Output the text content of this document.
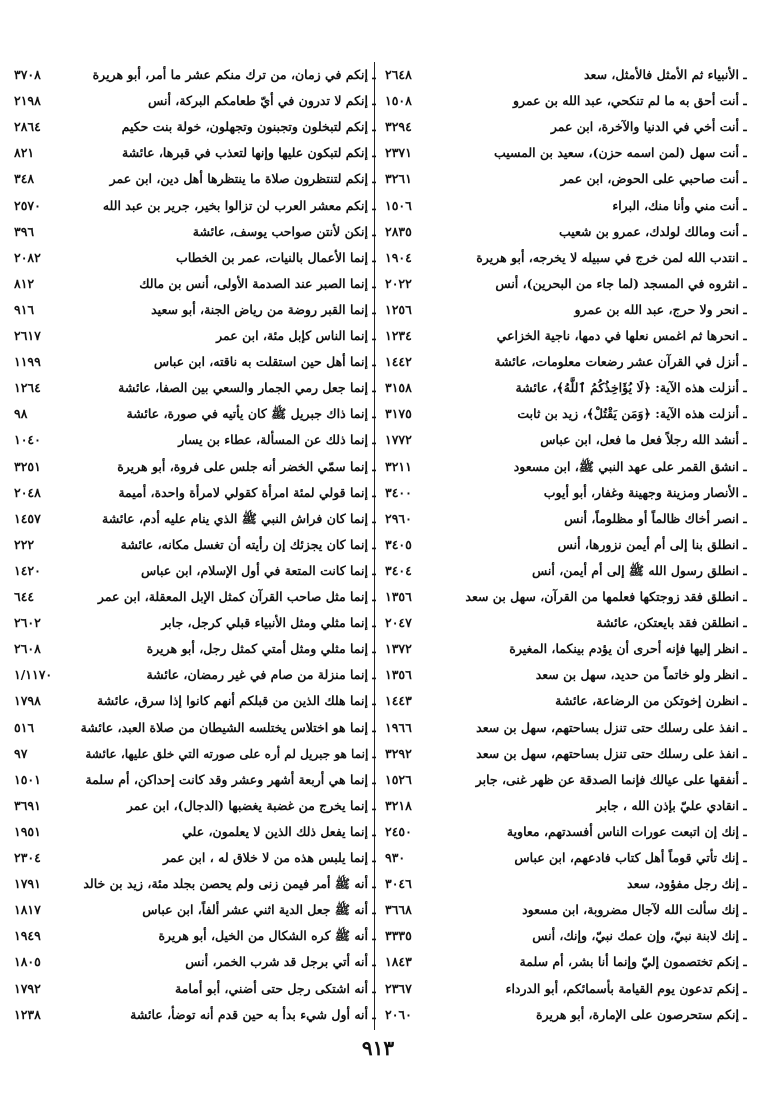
ـ الأنبياء ثم الأمثل فالأمثل، سعد
٢٦٤٨
ـ أنت أحق به ما لم تنكحي، عبد الله بن عمرو
١٥٠٨
ـ أنت أخي في الدنيا والآخرة، ابن عمر
٣٢٩٤
ـ أنت سهل (لمن اسمه حزن)، سعيد بن المسيب
٢٣٧١
ـ أنت صاحبي على الحوض، ابن عمر
٣٢٦١
ـ أنت مني وأنا منك، البراء
١٥٠٦
ـ أنت ومالك لولدك، عمرو بن شعيب
٢٨٣٥
ـ انتدب الله لمن خرج في سبيله لا يخرجه، أبو هريرة
١٩٠٤
ـ انثروه في المسجد (لما جاء من البحرين)، أنس
٢٠٢٢
ـ انحر ولا حرج، عبد الله بن عمرو
١٢٥٦
ـ انحرها ثم اغمس نعلها في دمها، ناجية الخزاعي
١٢٣٤
ـ أنزل في القرآن عشر رضعات معلومات، عائشة
١٤٤٢
ـ أنزلت هذه الآية: ﴿لَا يُؤَاخِذُكُمُ ٱللَّهُ﴾، عائشة
٣١٥٨
ـ أنزلت هذه الآية: ﴿وَمَن يَقْتُلْ﴾، زيد بن ثابت
٣١٧٥
ـ أنشد الله رجلاً فعل ما فعل، ابن عباس
١٧٧٢
ـ انشق القمر على عهد النبي ﷺ، ابن مسعود
٣٢١١
ـ الأنصار ومزينة وجهينة وغفار، أبو أيوب
٣٤٠٠
ـ انصر أخاك ظالماً أو مظلوماً، أنس
٢٩٦٠
ـ انطلق بنا إلى أم أيمن نزورها، أنس
٣٤٠٥
ـ انطلق رسول الله ﷺ إلى أم أيمن، أنس
٣٤٠٤
ـ انطلق فقد زوجتكها فعلمها من القرآن، سهل بن سعد
١٣٥٦
ـ انطلقن فقد بايعتكن، عائشة
٢٠٤٧
ـ انظر إليها فإنه أحرى أن يؤدم بينكما، المغيرة
١٣٧٢
ـ انظر ولو خاتماً من حديد، سهل بن سعد
١٣٥٦
ـ انظرن إخوتكن من الرضاعة، عائشة
١٤٤٣
ـ انفذ على رسلك حتى تنزل بساحتهم، سهل بن سعد
١٩٦٦
ـ انفذ على رسلك حتى تنزل بساحتهم، سهل بن سعد
٣٢٩٢
ـ أنفقها على عيالك فإنما الصدقة عن ظهر غنى، جابر
١٥٢٦
ـ انقادي عليّ بإذن الله ، جابر
٣٢١٨
ـ إنك إن اتبعت عورات الناس أفسدتهم، معاوية
٢٤٥٠
ـ إنك تأتي قوماً أهل كتاب فادعهم، ابن عباس
٩٣٠
ـ إنك رجل مفؤود، سعد
٣٠٤٦
ـ إنك سألت الله لآجال مضروبة، ابن مسعود
٣٦٦٨
ـ إنك لابنة نبيّ، وإن عمك نبيّ، وإنك، أنس
٣٣٣٥
ـ إنكم تختصمون إليّ وإنما أنا بشر، أم سلمة
١٨٤٣
ـ إنكم تدعون يوم القيامة بأسمائكم، أبو الدرداء
٢٣٦٧
ـ إنكم ستحرصون على الإمارة، أبو هريرة
٢٠٦٠
ـ إنكم في زمان، من ترك منكم عشر ما أمر، أبو هريرة
٣٧٠٨
ـ إنكم لا تدرون في أيّ طعامكم البركة، أنس
٢١٩٨
ـ إنكم لتبخلون وتجبنون وتجهلون، خولة بنت حكيم
٢٨٦٤
ـ إنكم لتبكون عليها وإنها لتعذب في قبرها، عائشة
٨٢١
ـ إنكم لتنتظرون صلاة ما ينتظرها أهل دين، ابن عمر
٣٤٨
ـ إنكم معشر العرب لن تزالوا بخير، جرير بن عبد الله
٢٥٧٠
ـ إنكن لأنتن صواحب يوسف، عائشة
٣٩٦
ـ إنما الأعمال بالنيات، عمر بن الخطاب
٢٠٨٢
ـ إنما الصبر عند الصدمة الأولى، أنس بن مالك
٨١٢
ـ إنما القبر روضة من رياض الجنة، أبو سعيد
٩١٦
ـ إنما الناس كإبل مئة، ابن عمر
٢٦١٧
ـ إنما أهل حين استقلت به ناقته، ابن عباس
١١٩٩
ـ إنما جعل رمي الجمار والسعي بين الصفا، عائشة
١٢٦٤
ـ إنما ذاك جبريل ﷺ كان يأتيه في صورة، عائشة
٩٨
ـ إنما ذلك عن المسألة، عطاء بن يسار
١٠٤٠
ـ إنما سمّي الخضر أنه جلس على فروة، أبو هريرة
٣٢٥١
ـ إنما قولي لمئة امرأة كقولي لامرأة واحدة، أميمة
٢٠٤٨
ـ إنما كان فراش النبي ﷺ الذي ينام عليه أدم، عائشة
١٤٥٧
ـ إنما كان يجزئك إن رأيته أن تغسل مكانه، عائشة
٢٢٢
ـ إنما كانت المتعة في أول الإسلام، ابن عباس
١٤٢٠
ـ إنما مثل صاحب القرآن كمثل الإبل المعقلة، ابن عمر
٦٤٤
ـ إنما مثلي ومثل الأنبياء قبلي كرجل، جابر
٢٦٠٢
ـ إنما مثلي ومثل أمتي كمثل رجل، أبو هريرة
٢٦٠٨
ـ إنما منزلة من صام في غير رمضان، عائشة
١/١١٧٠
ـ إنما هلك الذين من قبلكم أنهم كانوا إذا سرق، عائشة
١٧٩٨
ـ إنما هو اختلاس يختلسه الشيطان من صلاة العبد، عائشة
٥١٦
ـ إنما هو جبريل لم أره على صورته التي خلق عليها، عائشة
٩٧
ـ إنما هي أربعة أشهر وعشر وقد كانت إحداكن، أم سلمة
١٥٠١
ـ إنما يخرج من غضبة يغضبها (الدجال)، ابن عمر
٣٦٩١
ـ إنما يفعل ذلك الذين لا يعلمون، علي
١٩٥١
ـ إنما يلبس هذه من لا خلاق له ، ابن عمر
٢٣٠٤
ـ أنه ﷺ أمر فيمن زنى ولم يحصن بجلد مئة، زيد بن خالد
١٧٩١
ـ أنه ﷺ جعل الدية اثني عشر ألفاً، ابن عباس
١٨١٧
ـ أنه ﷺ كره الشكال من الخيل، أبو هريرة
١٩٤٩
ـ أنه أتي برجل قد شرب الخمر، أنس
١٨٠٥
ـ أنه اشتكى رجل حتى أضني، أبو أمامة
١٧٩٢
ـ أنه أول شيء بدأ به حين قدم أنه توضأ، عائشة
١٢٣٨
٩١٣
